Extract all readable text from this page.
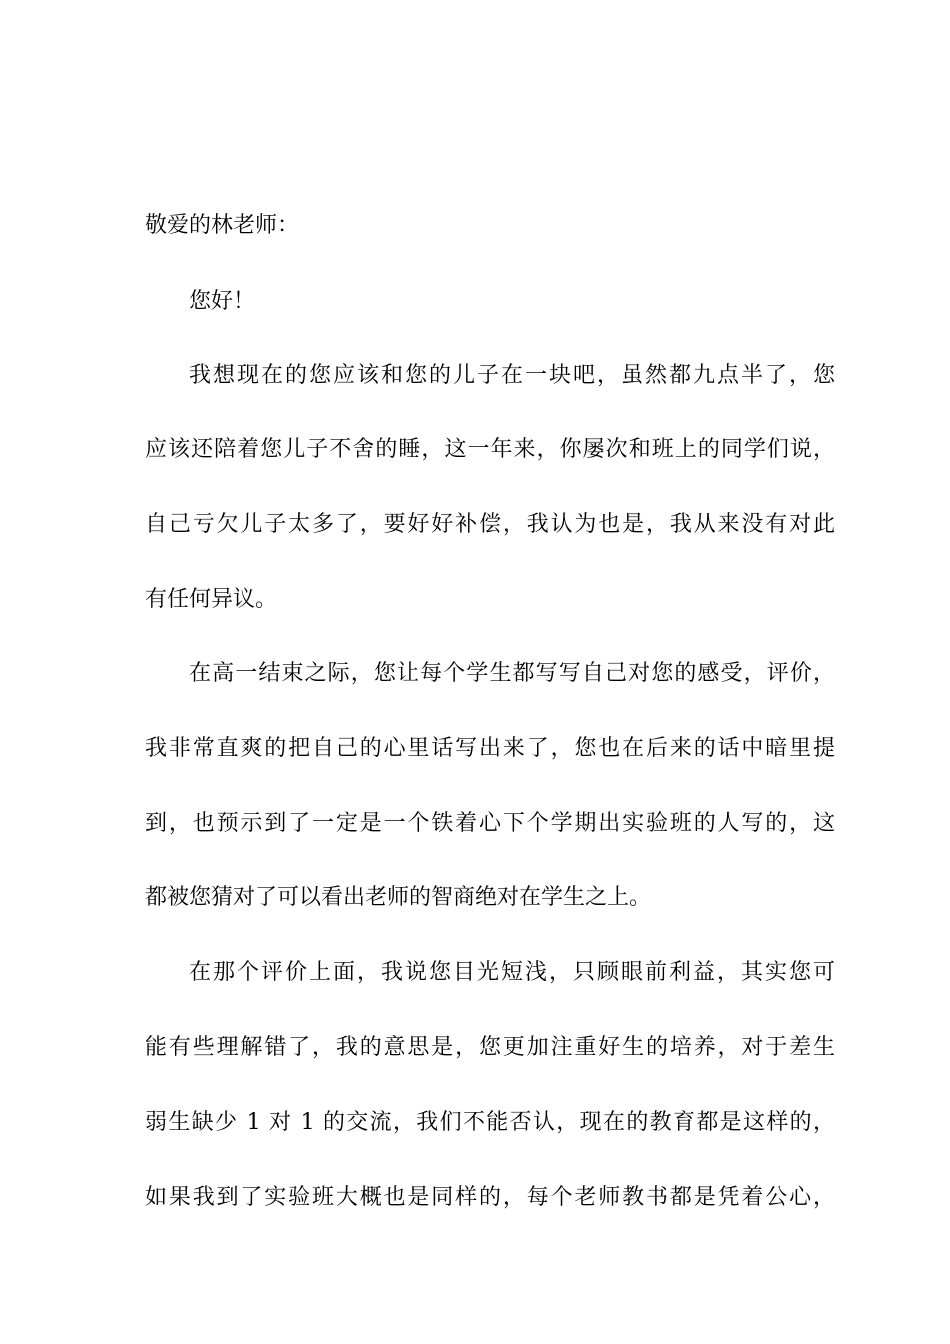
敬爱的林老师：
您好！
我想现在的您应该和您的儿子在一块吧，虽然都九点半了，您
应该还陪着您儿子不舍的睡，这一年来，你屡次和班上的同学们说，
自己亏欠儿子太多了，要好好补偿，我认为也是，我从来没有对此
有任何异议。
在高一结束之际，您让每个学生都写写自己对您的感受，评价，
我非常直爽的把自己的心里话写出来了，您也在后来的话中暗里提
到，也预示到了一定是一个铁着心下个学期出实验班的人写的，这
都被您猜对了可以看出老师的智商绝对在学生之上。
在那个评价上面，我说您目光短浅，只顾眼前利益，其实您可
能有些理解错了，我的意思是，您更加注重好生的培养，对于差生
弱生缺少 1 对 1 的交流，我们不能否认，现在的教育都是这样的，
如果我到了实验班大概也是同样的，每个老师教书都是凭着公心，
